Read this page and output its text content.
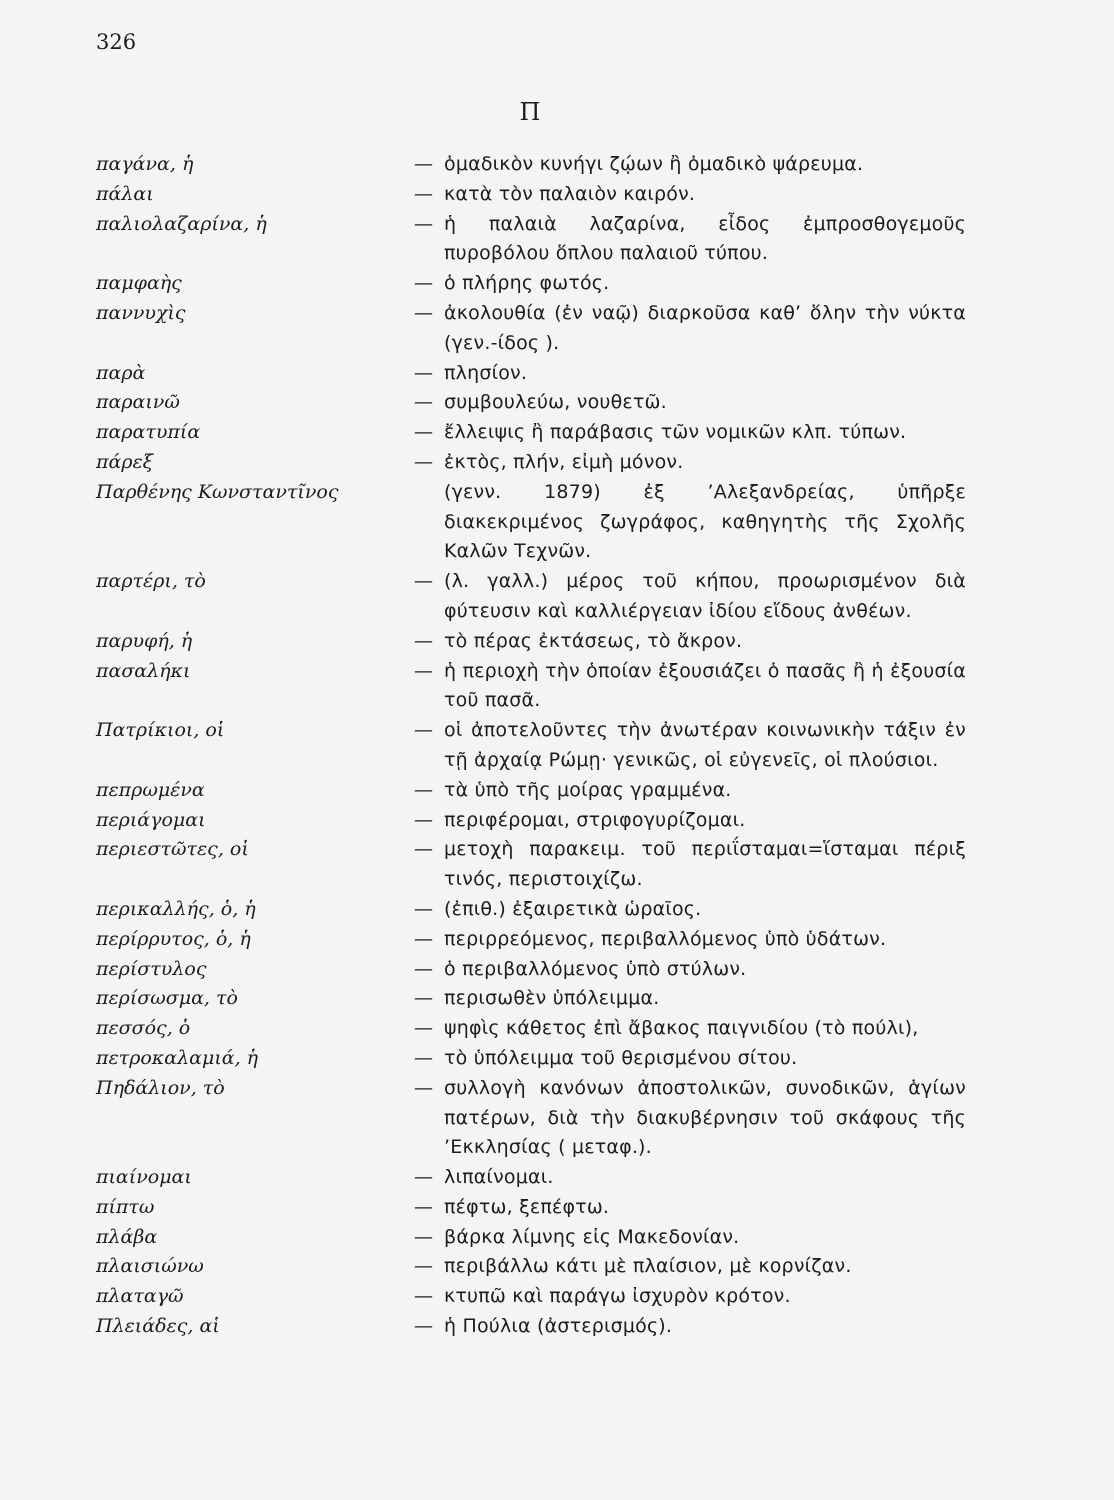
326
Π
παγάνα, ἡ	— ὁμαδικὸν κυνήγι ζῴων ἢ ὁμαδικὸ ψάρευμα.
πάλαι	— κατὰ τὸν παλαιὸν καιρόν.
παλιολαζαρίνα, ἡ	— ἡ παλαιὰ λαζαρίνα, εἶδος ἐμπροσθογεμοῦς πυροβόλου ὅπλου παλαιοῦ τύπου.
παμφαὴς	— ὁ πλήρης φωτός.
παννυχὶς	— ἀκολουθία (ἐν ναῷ) διαρκοῦσα καθ’ ὅλην τὴν νύκτα (γεν.-ίδος ).
παρὰ	— πλησίον.
παραινῶ	— συμβουλεύω, νουθετῶ.
παρατυπία	— ἔλλειψις ἢ παράβασις τῶν νομικῶν κλπ. τύπων.
πάρεξ	— ἐκτὸς, πλήν, εἰμὴ μόνον.
Παρθένης Κωνσταντῖνος	(γενν. 1879) ἐξ ’Αλεξανδρείας, ὑπῆρξε διακεκριμένος ζωγράφος, καθηγητὴς τῆς Σχολῆς Καλῶν Τεχνῶν.
παρτέρι, τὸ	— (λ. γαλλ.) μέρος τοῦ κήπου, προωρισμένον διὰ φύτευσιν καὶ καλλιέργειαν ἰδίου εἴδους ἀνθέων.
παρυφή, ἡ	— τὸ πέρας ἐκτάσεως, τὸ ἄκρον.
πασαλήκι	— ἡ περιοχὴ τὴν ὁποίαν ἐξουσιάζει ὁ πασᾶς ἢ ἡ ἐξουσία τοῦ πασᾶ.
Πατρίκιοι, οἱ	— οἱ ἀποτελοῦντες τὴν ἀνωτέραν κοινωνικὴν τάξιν ἐν τῇ ἀρχαίᾳ Ρώμῃ· γενικῶς, οἱ εὐγενεῖς, οἱ πλούσιοι.
πεπρωμένα	— τὰ ὑπὸ τῆς μοίρας γραμμένα.
περιάγομαι	— περιφέρομαι, στριφογυρίζομαι.
περιεστῶτες, οἱ	— μετοχὴ παρακειμ. τοῦ περιΐσταμαι=ἵσταμαι πέριξ τινός, περιστοιχίζω.
περικαλλής, ὁ, ἡ	— (ἐπιθ.) ἐξαιρετικὰ ὡραῖος.
περίρρυτος, ὁ, ἡ	— περιρρεόμενος, περιβαλλόμενος ὑπὸ ὑδάτων.
περίστυλος	— ὁ περιβαλλόμενος ὑπὸ στύλων.
περίσωσμα, τὸ	— περισωθὲν ὑπόλειμμα.
πεσσός, ὁ	— ψηφὶς κάθετος ἐπὶ ἄβακος παιγνιδίου (τὸ πούλι),
πετροκαλαμιά, ἡ	— τὸ ὑπόλειμμα τοῦ θερισμένου σίτου.
Πηδάλιον, τὸ	— συλλογὴ κανόνων ἀποστολικῶν, συνοδικῶν, ἁγίων πατέρων, διὰ τὴν διακυβέρνησιν τοῦ σκάφους τῆς ’Εκκλησίας ( μεταφ.).
πιαίνομαι	— λιπαίνομαι.
πίπτω	— πέφτω, ξεπέφτω.
πλάβα	— βάρκα λίμνης εἰς Μακεδονίαν.
πλαισιώνω	— περιβάλλω κάτι μὲ πλαίσιον, μὲ κορνίζαν.
πλαταγῶ	— κτυπῶ καὶ παράγω ἰσχυρὸν κρότον.
Πλειάδες, αἱ	— ἡ Πούλια (ἀστερισμός).
